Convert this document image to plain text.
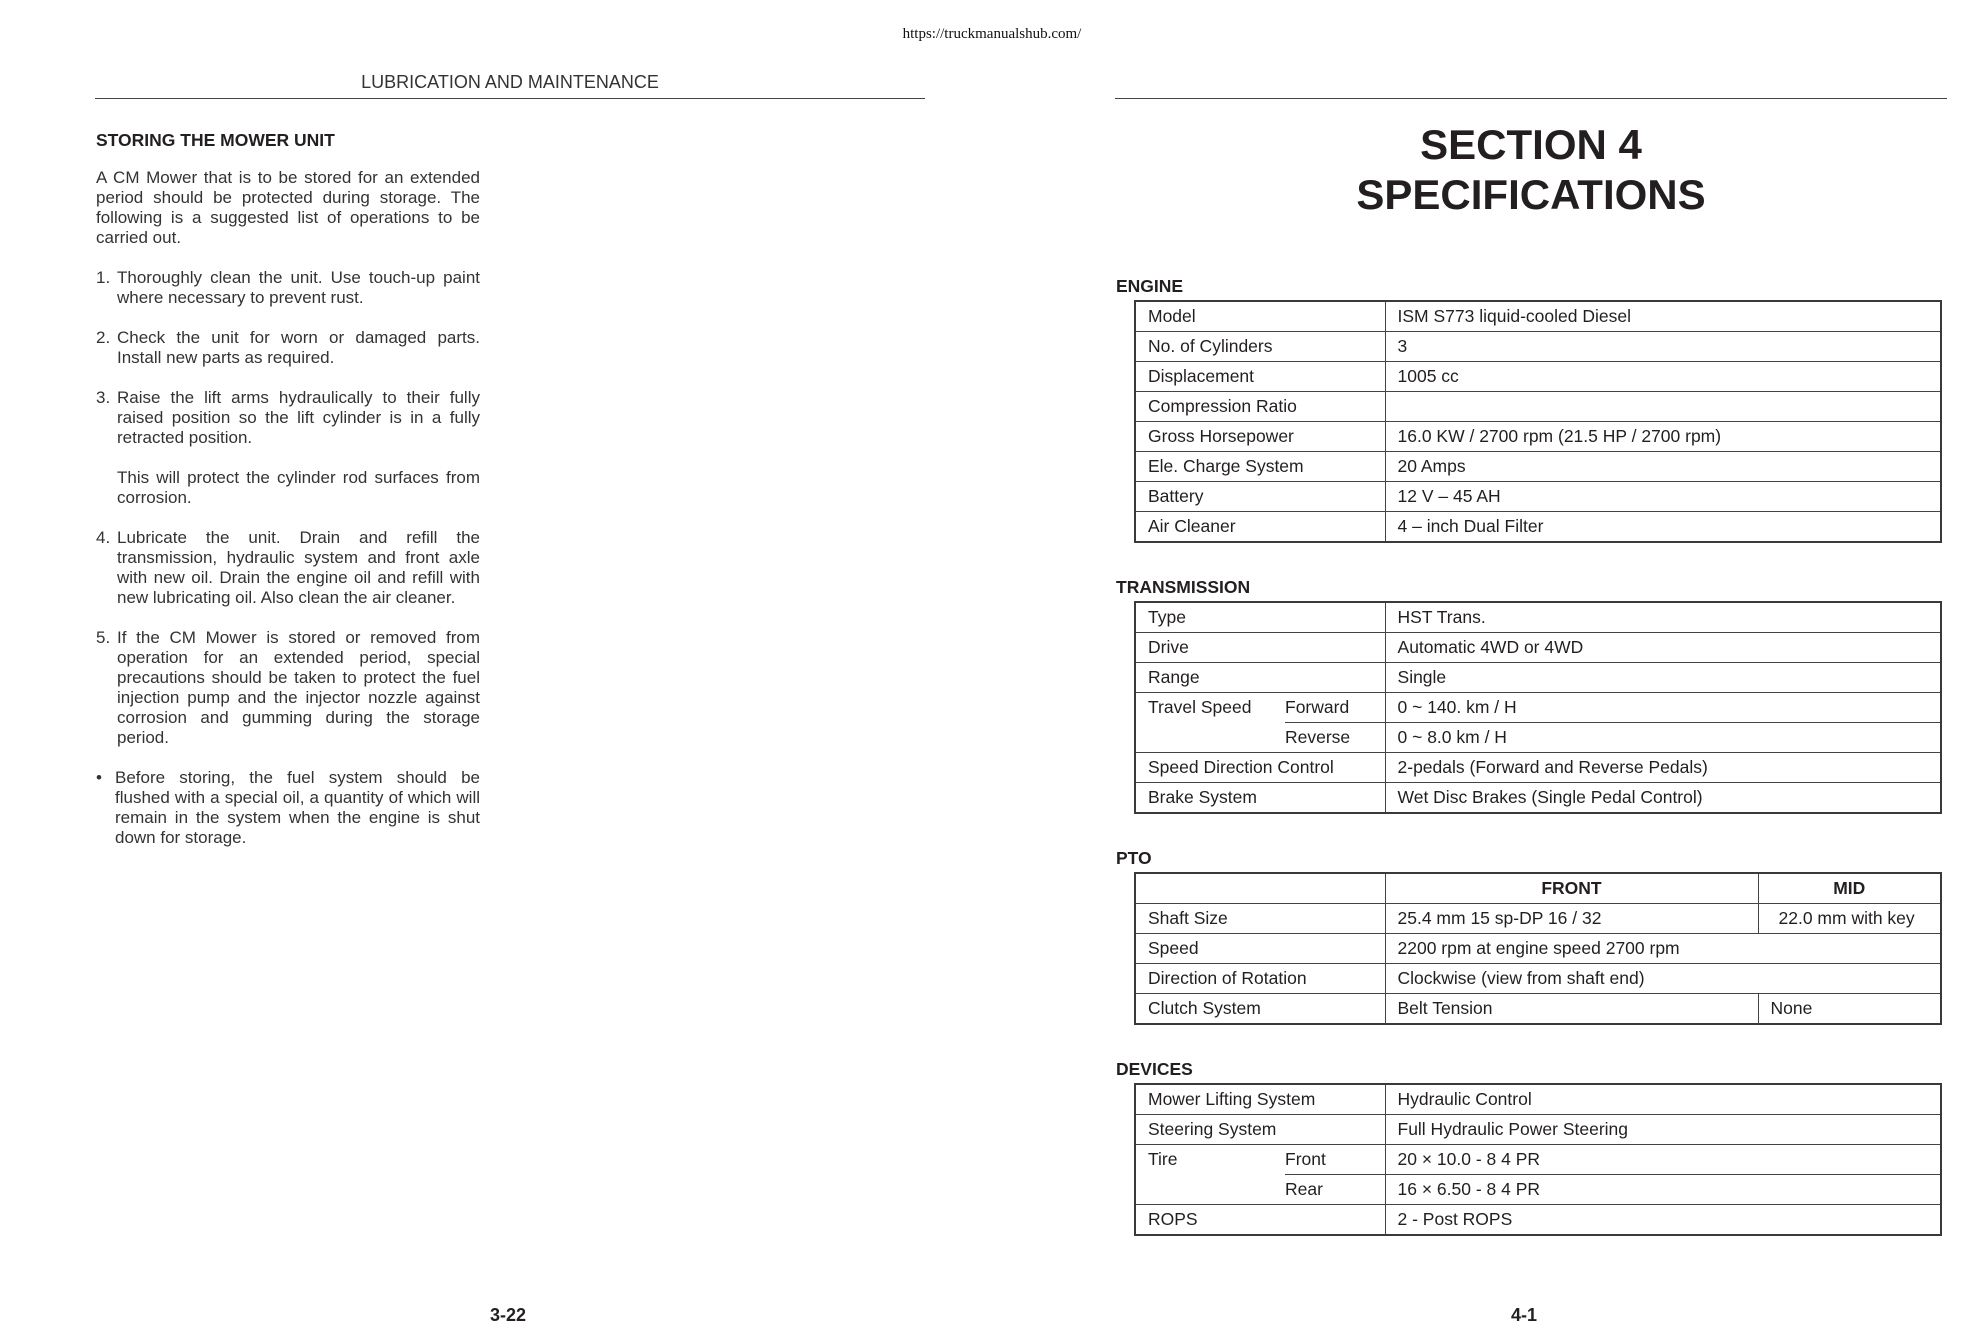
https://truckmanualshub.com/
LUBRICATION AND MAINTENANCE
STORING THE MOWER UNIT
A CM Mower that is to be stored for an extended period should be protected during storage. The following is a suggested list of operations to be carried out.
1. Thoroughly clean the unit. Use touch-up paint where necessary to prevent rust.
2. Check the unit for worn or damaged parts. Install new parts as required.
3. Raise the lift arms hydraulically to their fully raised position so the lift cylinder is in a fully retracted position.
This will protect the cylinder rod surfaces from corrosion.
4. Lubricate the unit. Drain and refill the transmission, hydraulic system and front axle with new oil. Drain the engine oil and refill with new lubricating oil. Also clean the air cleaner.
5. If the CM Mower is stored or removed from operation for an extended period, special precautions should be taken to protect the fuel injection pump and the injector nozzle against corrosion and gumming during the storage period.
• Before storing, the fuel system should be flushed with a special oil, a quantity of which will remain in the system when the engine is shut down for storage.
SECTION 4
SPECIFICATIONS
ENGINE
Model	ISM S773 liquid-cooled Diesel
No. of Cylinders	3
Displacement	1005 cc
Compression Ratio	
Gross Horsepower	16.0 KW / 2700 rpm (21.5 HP / 2700 rpm)
Ele. Charge System	20 Amps
Battery	12 V – 45 AH
Air Cleaner	4 – inch Dual Filter
TRANSMISSION
Type		HST Trans.
Drive		Automatic 4WD or 4WD
Range		Single
Travel Speed	Forward	0 ~ 140. km / H
	Reverse	0 ~ 8.0 km / H
Speed Direction Control		2-pedals (Forward and Reverse Pedals)
Brake System		Wet Disc Brakes (Single Pedal Control)
PTO
	FRONT	MID
Shaft Size	25.4 mm 15 sp-DP 16 / 32	22.0 mm with key
Speed	2200 rpm at engine speed 2700 rpm	
Direction of Rotation	Clockwise (view from shaft end)	
Clutch System	Belt Tension	None
DEVICES
Mower Lifting System		Hydraulic Control
Steering System		Full Hydraulic Power Steering
Tire	Front	20 × 10.0 - 8 4 PR
	Rear	16 × 6.50 - 8 4 PR
ROPS		2 - Post ROPS
3-22	4-1
